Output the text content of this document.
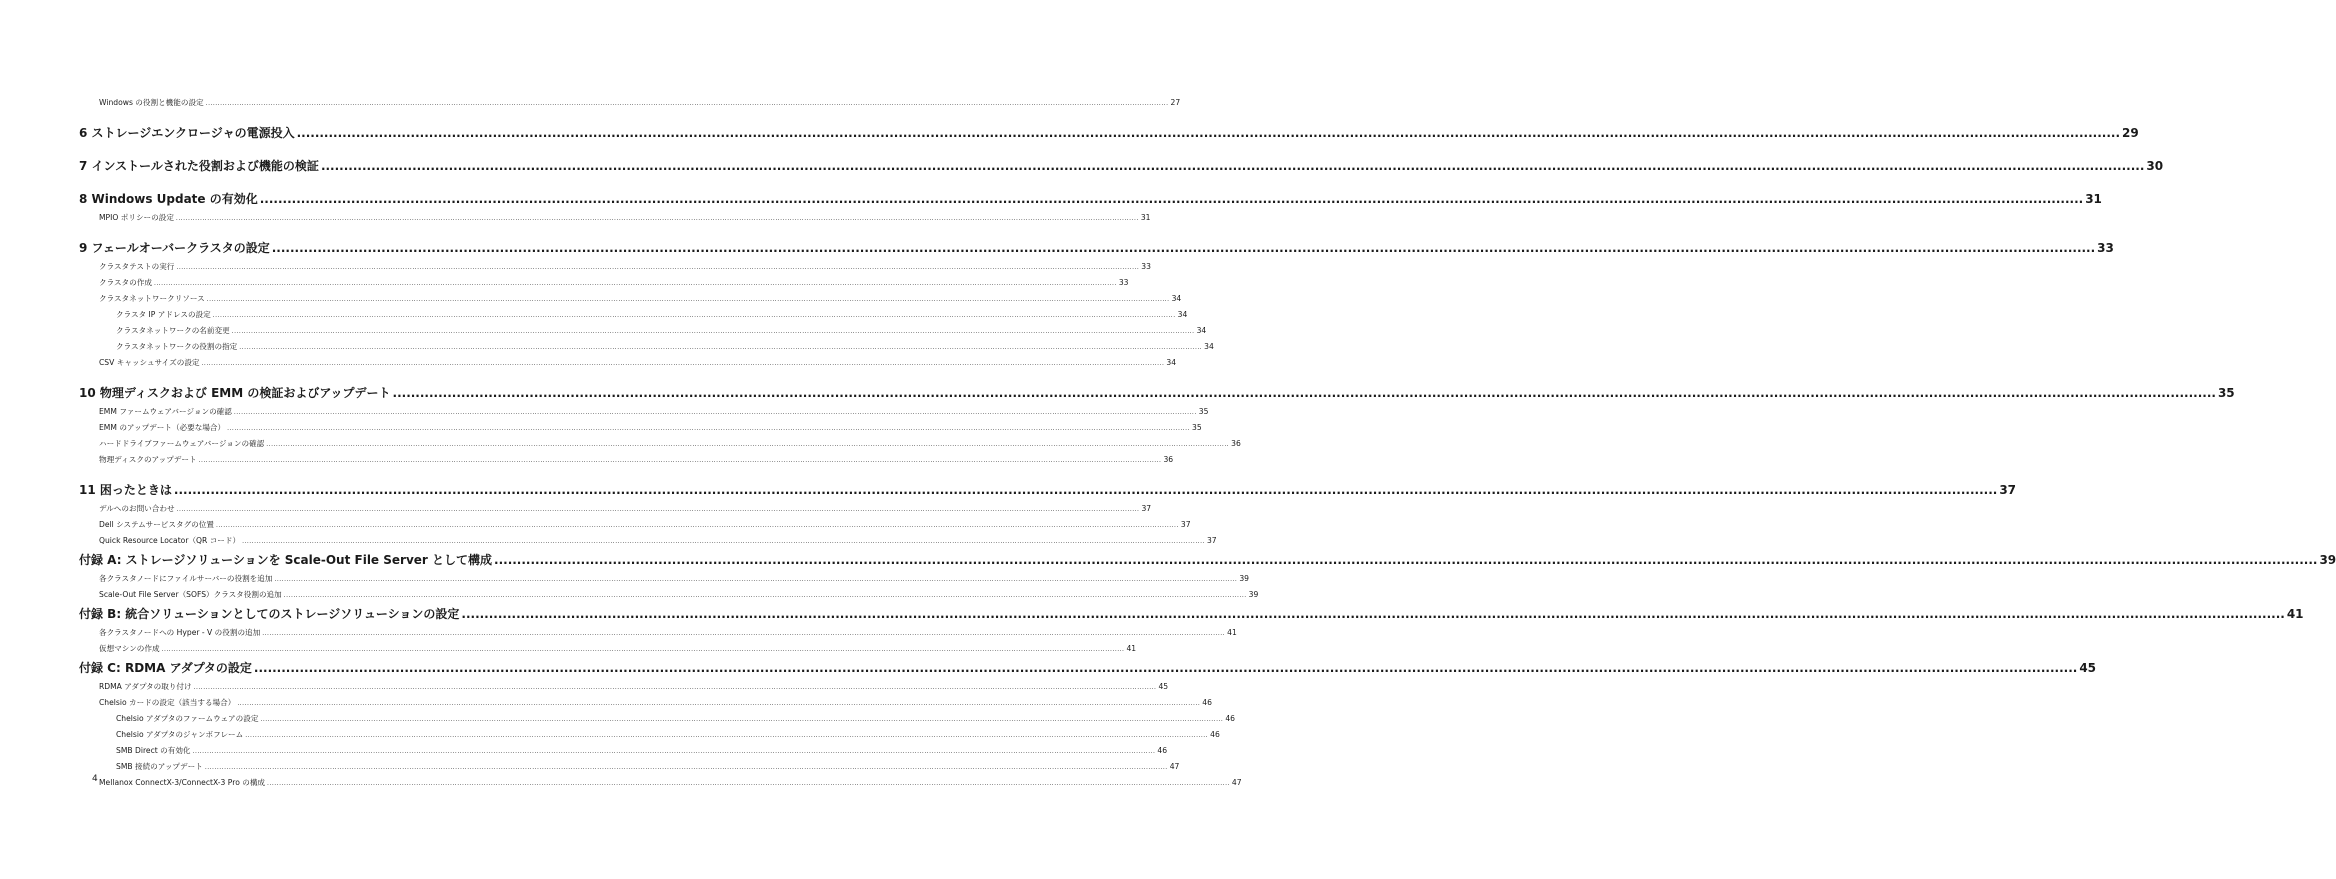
Windows の役割と機能の設定 ................................................................................................................................................................................................................................................................................................................................................................................................................ 27
6 ストレージエンクロージャの電源投入 ................................................................................................................................................................................................................................................................................................................................................................................................................ 29
7 インストールされた役割および機能の検証 ................................................................................................................................................................................................................................................................................................................................................................................................................ 30
8 Windows Update の有効化 ................................................................................................................................................................................................................................................................................................................................................................................................................ 31
MPIO ポリシーの設定 ................................................................................................................................................................................................................................................................................................................................................................................................................ 31
9 フェールオーバークラスタの設定 ................................................................................................................................................................................................................................................................................................................................................................................................................ 33
クラスタテストの実行 ................................................................................................................................................................................................................................................................................................................................................................................................................ 33
クラスタの作成 ................................................................................................................................................................................................................................................................................................................................................................................................................ 33
クラスタネットワークリソース ................................................................................................................................................................................................................................................................................................................................................................................................................ 34
クラスタ IP アドレスの設定 ................................................................................................................................................................................................................................................................................................................................................................................................................ 34
クラスタネットワークの名前変更 ................................................................................................................................................................................................................................................................................................................................................................................................................ 34
クラスタネットワークの役割の指定 ................................................................................................................................................................................................................................................................................................................................................................................................................ 34
CSV キャッシュサイズの設定 ................................................................................................................................................................................................................................................................................................................................................................................................................ 34
10 物理ディスクおよび EMM の検証およびアップデート ................................................................................................................................................................................................................................................................................................................................................................................................................ 35
EMM ファームウェアバージョンの確認 ................................................................................................................................................................................................................................................................................................................................................................................................................ 35
EMM のアップデート（必要な場合） ................................................................................................................................................................................................................................................................................................................................................................................................................ 35
ハードドライブファームウェアバージョンの確認 ................................................................................................................................................................................................................................................................................................................................................................................................................ 36
物理ディスクのアップデート ................................................................................................................................................................................................................................................................................................................................................................................................................ 36
11 困ったときは ................................................................................................................................................................................................................................................................................................................................................................................................................ 37
デルへのお問い合わせ ................................................................................................................................................................................................................................................................................................................................................................................................................ 37
Dell システムサービスタグの位置 ................................................................................................................................................................................................................................................................................................................................................................................................................ 37
Quick Resource Locator（QR コード） ................................................................................................................................................................................................................................................................................................................................................................................................................ 37
付録 A: ストレージソリューションを Scale-Out File Server として構成 ................................................................................................................................................................................................................................................................................................................................................................................................................ 39
各クラスタノードにファイルサーバーの役割を追加 ................................................................................................................................................................................................................................................................................................................................................................................................................ 39
Scale-Out File Server（SOFS）クラスタ役割の追加 ................................................................................................................................................................................................................................................................................................................................................................................................................ 39
付録 B: 統合ソリューションとしてのストレージソリューションの設定 ................................................................................................................................................................................................................................................................................................................................................................................................................ 41
各クラスタノードへの Hyper - V の役割の追加 ................................................................................................................................................................................................................................................................................................................................................................................................................ 41
仮想マシンの作成 ................................................................................................................................................................................................................................................................................................................................................................................................................ 41
付録 C: RDMA アダプタの設定 ................................................................................................................................................................................................................................................................................................................................................................................................................ 45
RDMA アダプタの取り付け ................................................................................................................................................................................................................................................................................................................................................................................................................ 45
Chelsio カードの設定（該当する場合） ................................................................................................................................................................................................................................................................................................................................................................................................................ 46
Chelsio アダプタのファームウェアの設定 ................................................................................................................................................................................................................................................................................................................................................................................................................ 46
Chelsio アダプタのジャンボフレーム ................................................................................................................................................................................................................................................................................................................................................................................................................ 46
SMB Direct の有効化 ................................................................................................................................................................................................................................................................................................................................................................................................................ 46
SMB 接続のアップデート ................................................................................................................................................................................................................................................................................................................................................................................................................ 47
Mellanox ConnectX-3/ConnectX-3 Pro の構成 ................................................................................................................................................................................................................................................................................................................................................................................................................ 47
4
